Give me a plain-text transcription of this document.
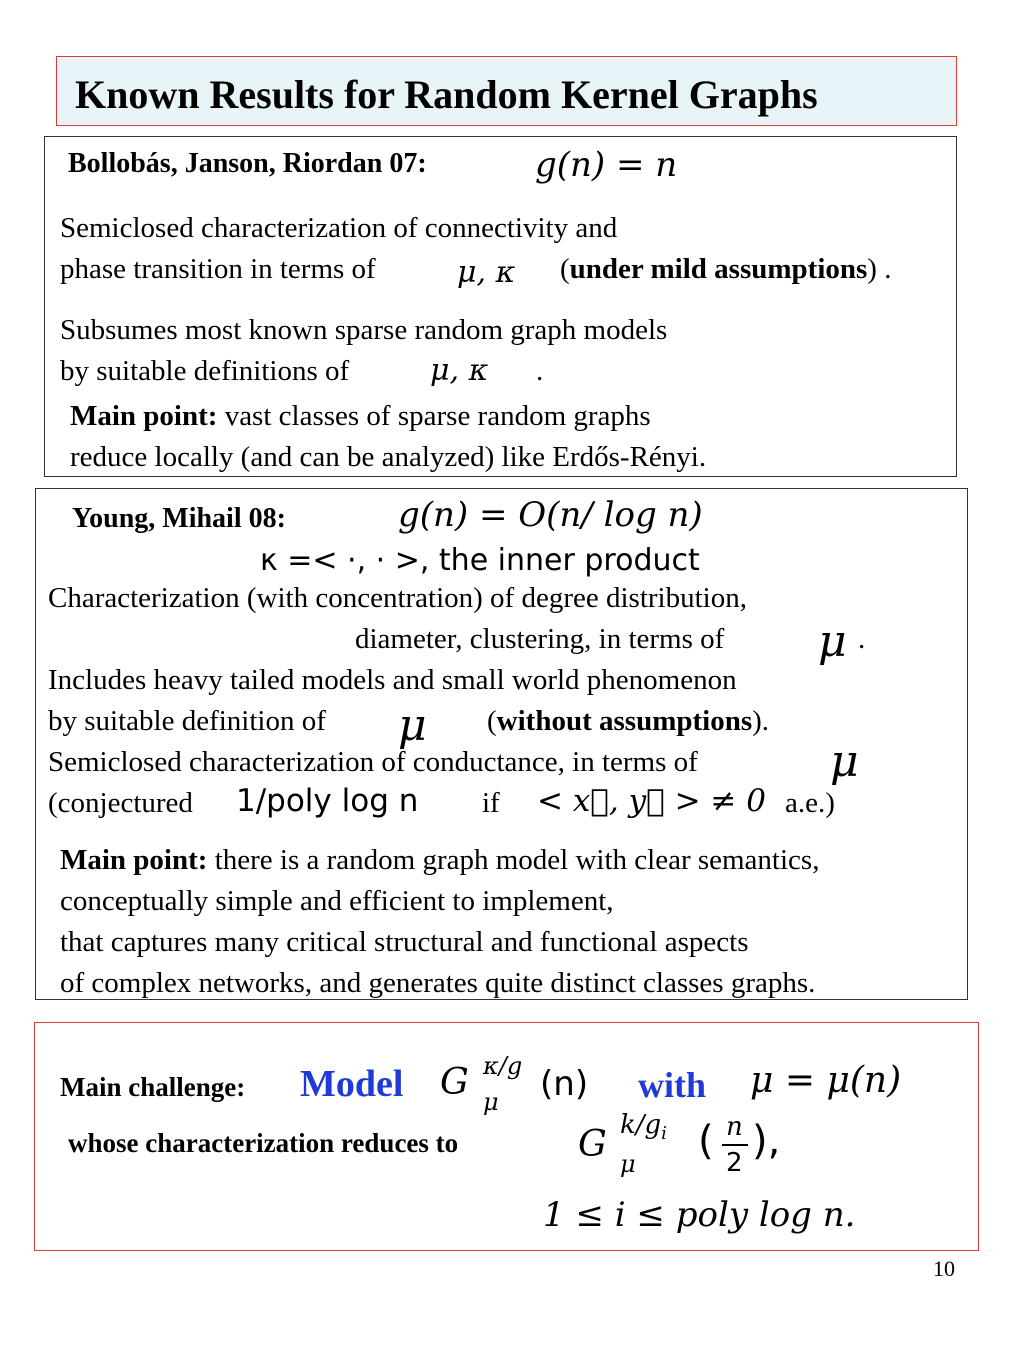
Known Results for Random Kernel Graphs
Bollobás, Janson, Riordan 07:	g(n) = n
Semiclosed characterization of connectivity and
phase transition in terms of	μ, κ (under mild assumptions) .
Subsumes most known sparse random graph models
by suitable definitions of	μ, κ .
Main point: vast classes of sparse random graphs
reduce locally (and can be analyzed) like Erdős-Rényi.
Young, Mihail 08:	g(n) = O(n/ log n)
κ =< ·, · >, the inner product
Characterization (with concentration) of degree distribution,
diameter, clustering, in terms of μ .
Includes heavy tailed models and small world phenomenon
by suitable definition of μ (without assumptions).
Semiclosed characterization of conductance, in terms of	μ
(conjectured 1/poly log n if < x⃗, y⃗ > ≠ 0 a.e.)
Main point: there is a random graph model with clear semantics,
conceptually simple and efficient to implement,
that captures many critical structural and functional aspects
of complex networks, and generates quite distinct classes graphs.
Main challenge: Model G κ/g
μ (n) with μ = μ(n)
whose characterization reduces to	G $k/g_i$
μ ( n
2 ),
1 ≤ i ≤ poly log n.
10
